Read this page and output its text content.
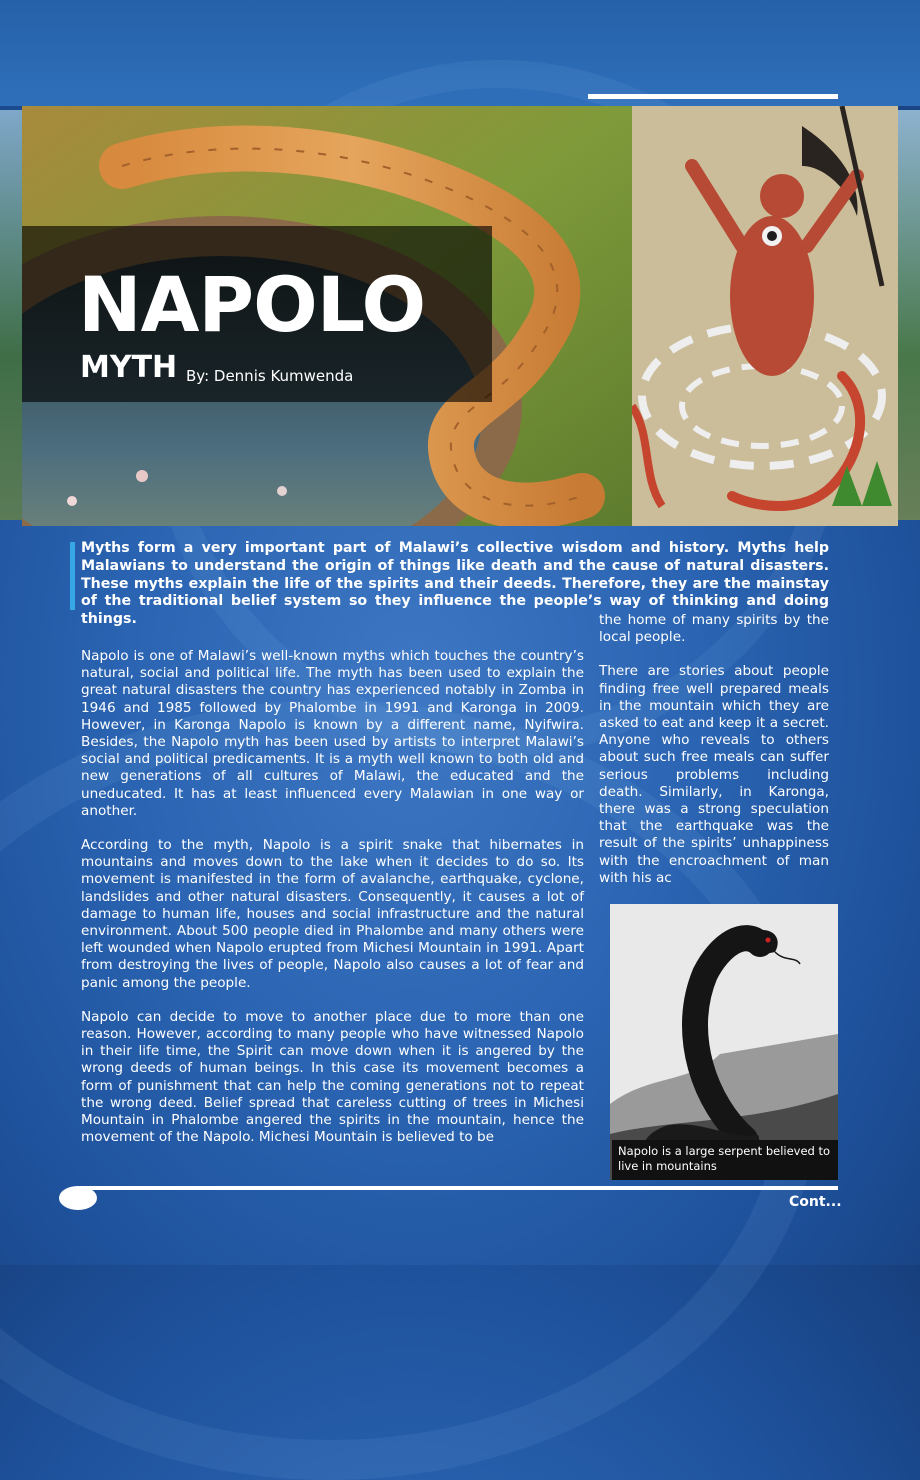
NAPOLO
MYTH By: Dennis Kumwenda
Myths form a very important part of Malawi’s collective wisdom and history. Myths help Malawians to understand the origin of things like death and the cause of natural disasters. These myths explain the life of the spirits and their deeds. Therefore, they are the mainstay of the traditional belief system so they influence the people’s way of thinking and doing things.

Napolo is one of Malawi’s well-known myths which touches the country’s natural, social and political life. The myth has been used to explain the great natural disasters the country has experienced notably in Zomba in 1946 and 1985 followed by Phalombe in 1991 and Karonga in 2009. However, in Karonga Napolo is known by a different name, Nyifwira. Besides, the Napolo myth has been used by artists to interpret Malawi’s social and political predicaments. It is a myth well known to both old and new generations of all cultures of Malawi, the educated and the uneducated. It has at least influenced every Malawian in one way or another.

According to the myth, Napolo is a spirit snake that hibernates in mountains and moves down to the lake when it decides to do so. Its movement is manifested in the form of avalanche, earthquake, cyclone, landslides and other natural disasters. Consequently, it causes a lot of damage to human life, houses and social infrastructure and the natural environment. About 500 people died in Phalombe and many others were left wounded when Napolo erupted from Michesi Mountain in 1991. Apart from destroying the lives of people, Napolo also causes a lot of fear and panic among the people.

Napolo can decide to move to another place due to more than one reason. However, according to many people who have witnessed Napolo in their life time, the Spirit can move down when it is angered by the wrong deeds of human beings. In this case its movement becomes a form of punishment that can help the coming generations not to repeat the wrong deed. Belief spread that careless cutting of trees in Michesi Mountain in Phalombe angered the spirits in the mountain, hence the movement of the Napolo. Michesi Mountain is believed to be

the home of many spirits by the local people.

There are stories about people finding free well prepared meals in the mountain which they are asked to eat and keep it a secret. Anyone who reveals to others about such free meals can suffer serious problems including death. Similarly, in Karonga, there was a strong speculation that the earthquake was the result of the spirits’ unhappiness with the encroachment of man with his ac

Napolo is a large serpent believed to live in mountains
Cont...
